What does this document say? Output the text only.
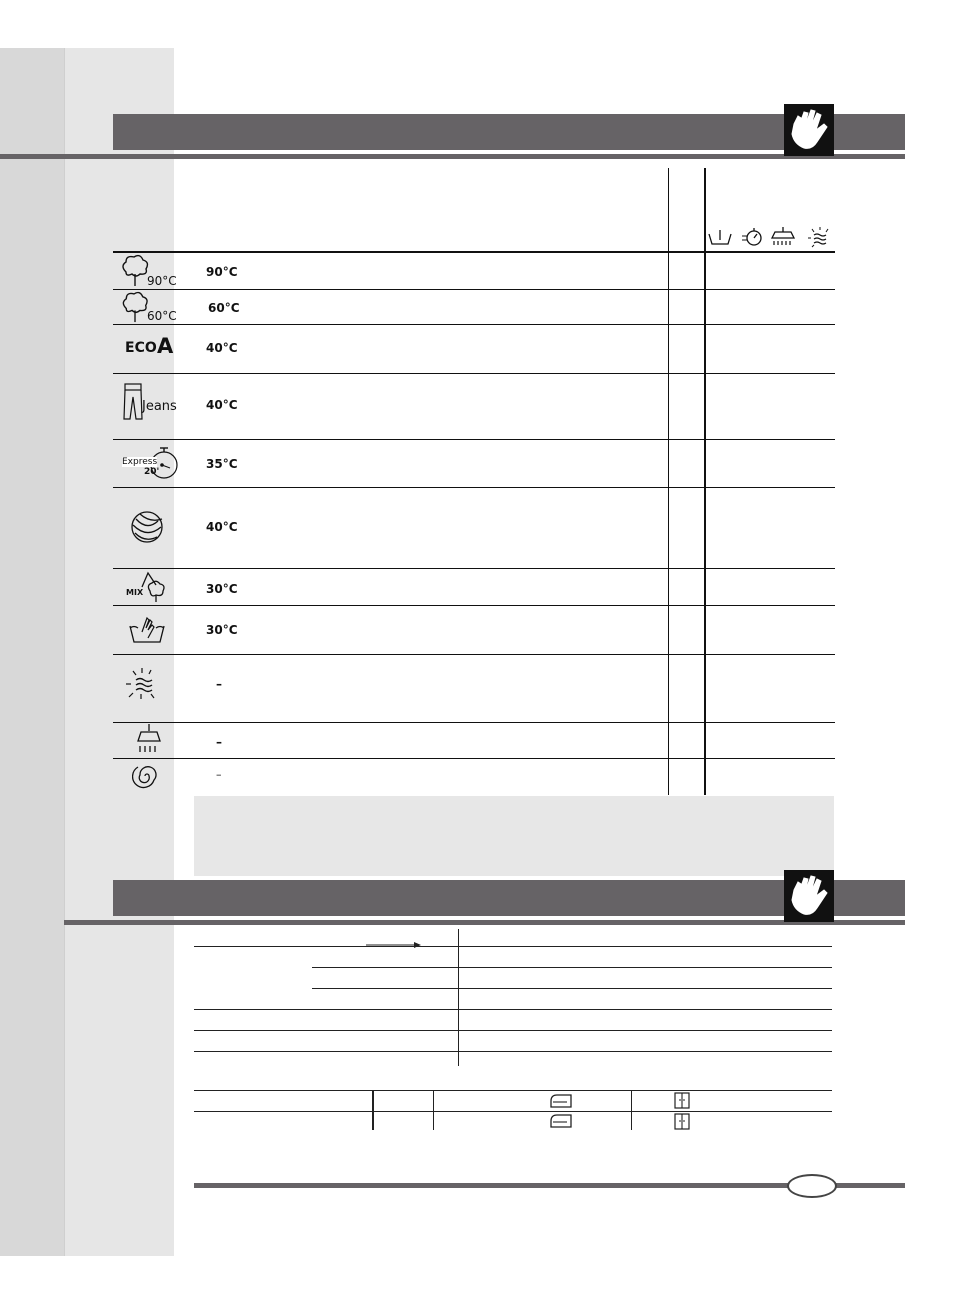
90°C
90°C
60°C
60°C
ECO A	40°C
Jeans 40°C
Express
20'
35°C
40°C
MIX	30°C
30°C
–
–
–
